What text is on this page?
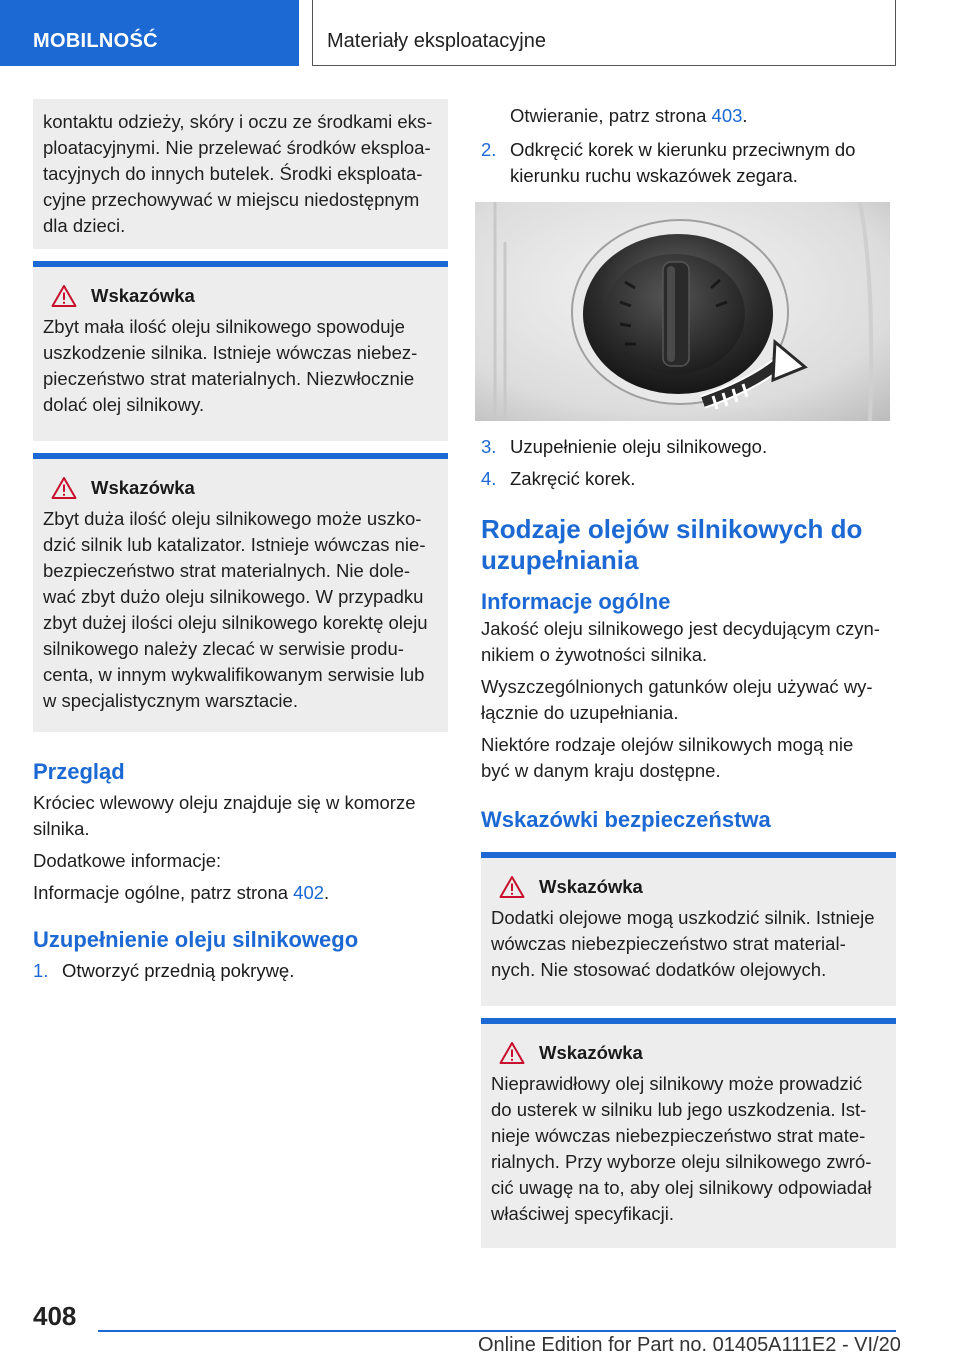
MOBILNOŚĆ	Materiały eksploatacyjne
kontaktu odzieży, skóry i oczu ze środkami eks-
ploatacyjnymi. Nie przelewać środków eksploa-
tacyjnych do innych butelek. Środki eksploata-
cyjne przechowywać w miejscu niedostępnym
dla dzieci.
Wskazówka
Zbyt mała ilość oleju silnikowego spowoduje
uszkodzenie silnika. Istnieje wówczas niebez-
pieczeństwo strat materialnych. Niezwłocznie
dolać olej silnikowy.
Wskazówka
Zbyt duża ilość oleju silnikowego może uszko-
dzić silnik lub katalizator. Istnieje wówczas nie-
bezpieczeństwo strat materialnych. Nie dole-
wać zbyt dużo oleju silnikowego. W przypadku
zbyt dużej ilości oleju silnikowego korektę oleju
silnikowego należy zlecać w serwisie produ-
centa, w innym wykwalifikowanym serwisie lub
w specjalistycznym warsztacie.
Przegląd
Króciec wlewowy oleju znajduje się w komorze
silnika.
Dodatkowe informacje:
Informacje ogólne, patrz strona 402.
Uzupełnienie oleju silnikowego
1. Otworzyć przednią pokrywę.
Otwieranie, patrz strona 403.
2. Odkręcić korek w kierunku przeciwnym do
kierunku ruchu wskazówek zegara.
3. Uzupełnienie oleju silnikowego.
4. Zakręcić korek.
Rodzaje olejów silnikowych do
uzupełniania
Informacje ogólne
Jakość oleju silnikowego jest decydującym czyn-
nikiem o żywotności silnika.
Wyszczególnionych gatunków oleju używać wy-
łącznie do uzupełniania.
Niektóre rodzaje olejów silnikowych mogą nie
być w danym kraju dostępne.
Wskazówki bezpieczeństwa
Wskazówka
Dodatki olejowe mogą uszkodzić silnik. Istnieje
wówczas niebezpieczeństwo strat material-
nych. Nie stosować dodatków olejowych.
Wskazówka
Nieprawidłowy olej silnikowy może prowadzić
do usterek w silniku lub jego uszkodzenia. Ist-
nieje wówczas niebezpieczeństwo strat mate-
rialnych. Przy wyborze oleju silnikowego zwró-
cić uwagę na to, aby olej silnikowy odpowiadał
właściwej specyfikacji.
408
Online Edition for Part no. 01405A111E2 - VI/20
